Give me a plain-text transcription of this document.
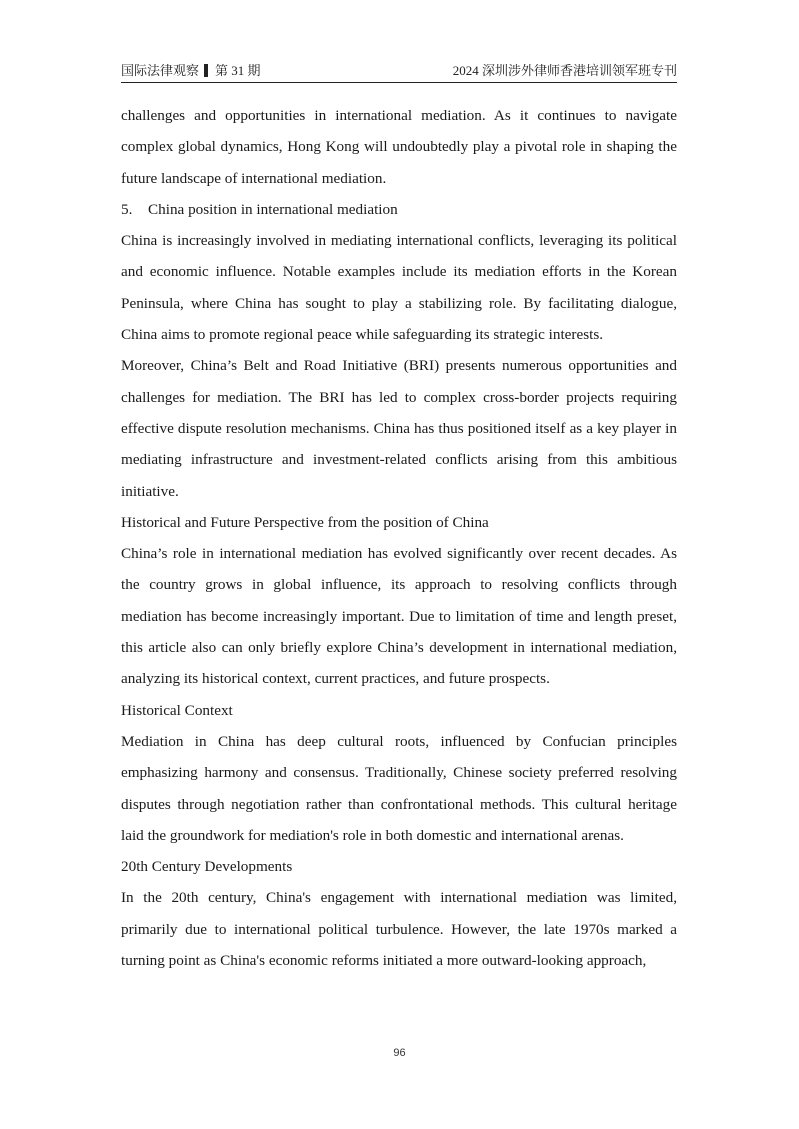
国际法律观察 第 31 期	2024 深圳涉外律师香港培训领军班专刊

challenges and opportunities in international mediation. As it continues to navigate complex global dynamics, Hong Kong will undoubtedly play a pivotal role in shaping the future landscape of international mediation.

5. China position in international mediation

China is increasingly involved in mediating international conflicts, leveraging its political and economic influence. Notable examples include its mediation efforts in the Korean Peninsula, where China has sought to play a stabilizing role. By facilitating dialogue, China aims to promote regional peace while safeguarding its strategic interests.

Moreover, China’s Belt and Road Initiative (BRI) presents numerous opportunities and challenges for mediation. The BRI has led to complex cross-border projects requiring effective dispute resolution mechanisms. China has thus positioned itself as a key player in mediating infrastructure and investment-related conflicts arising from this ambitious initiative.

Historical and Future Perspective from the position of China

China’s role in international mediation has evolved significantly over recent decades. As the country grows in global influence, its approach to resolving conflicts through mediation has become increasingly important. Due to limitation of time and length preset, this article also can only briefly explore China’s development in international mediation, analyzing its historical context, current practices, and future prospects.

Historical Context

Mediation in China has deep cultural roots, influenced by Confucian principles emphasizing harmony and consensus. Traditionally, Chinese society preferred resolving disputes through negotiation rather than confrontational methods. This cultural heritage laid the groundwork for mediation's role in both domestic and international arenas.

20th Century Developments

In the 20th century, China's engagement with international mediation was limited, primarily due to international political turbulence. However, the late 1970s marked a turning point as China's economic reforms initiated a more outward-looking approach,

96
